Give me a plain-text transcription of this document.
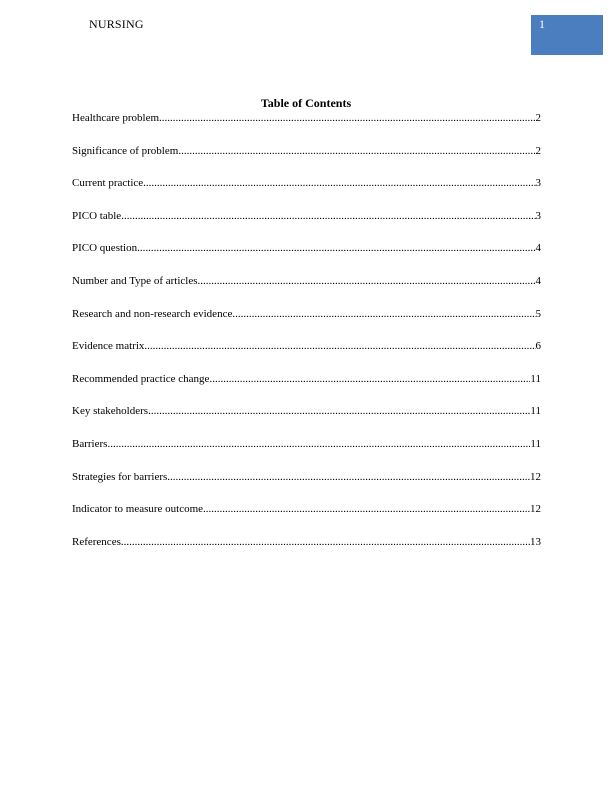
NURSING	1
Table of Contents
Healthcare problem .....	2
Significance of problem .....	2
Current practice .....	3
PICO table .....	3
PICO question .....	4
Number and Type of articles .....	4
Research and non-research evidence .....	5
Evidence matrix .....	6
Recommended practice change .....	11
Key stakeholders .....	11
Barriers .....	11
Strategies for barriers .....	12
Indicator to measure outcome .....	12
References .....	13
